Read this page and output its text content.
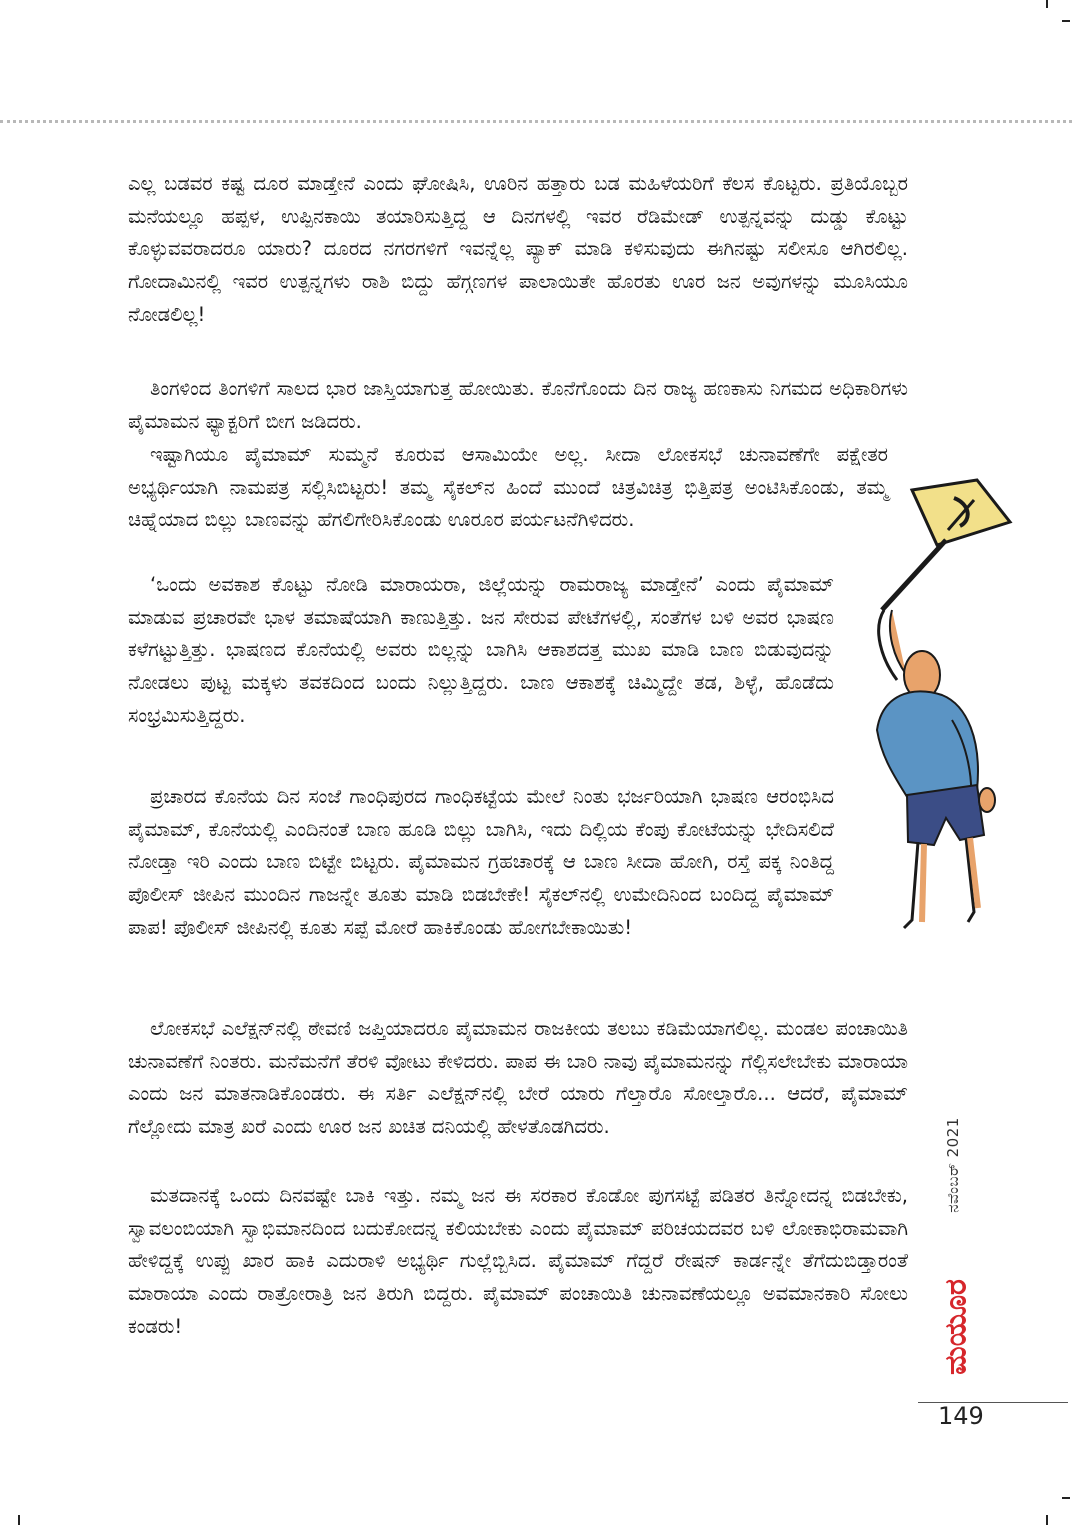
ಎಲ್ಲ ಬಡವರ ಕಷ್ಟ ದೂರ ಮಾಡ್ತೇನೆ ಎಂದು ಘೋಷಿಸಿ, ಊರಿನ ಹತ್ತಾರು ಬಡ ಮಹಿಳೆಯರಿಗೆ ಕೆಲಸ ಕೊಟ್ಟರು. ಪ್ರತಿಯೊಬ್ಬರ ಮನೆಯಲ್ಲೂ ಹಪ್ಪಳ, ಉಪ್ಪಿನಕಾಯಿ ತಯಾರಿಸುತ್ತಿದ್ದ ಆ ದಿನಗಳಲ್ಲಿ ಇವರ ರೆಡಿಮೇಡ್ ಉತ್ಪನ್ನವನ್ನು ದುಡ್ಡು ಕೊಟ್ಟು ಕೊಳ್ಳುವವರಾದರೂ ಯಾರು? ದೂರದ ನಗರಗಳಿಗೆ ಇವನ್ನೆಲ್ಲ ಪ್ಯಾಕ್ ಮಾಡಿ ಕಳಿಸುವುದು ಈಗಿನಷ್ಟು ಸಲೀಸೂ ಆಗಿರಲಿಲ್ಲ. ಗೋದಾಮಿನಲ್ಲಿ ಇವರ ಉತ್ಪನ್ನಗಳು ರಾಶಿ ಬಿದ್ದು ಹೆಗ್ಗಣಗಳ ಪಾಲಾಯಿತೇ ಹೊರತು ಊರ ಜನ ಅವುಗಳನ್ನು ಮೂಸಿಯೂ ನೋಡಲಿಲ್ಲ!

ತಿಂಗಳಿಂದ ತಿಂಗಳಿಗೆ ಸಾಲದ ಭಾರ ಜಾಸ್ತಿಯಾಗುತ್ತ ಹೋಯಿತು. ಕೊನೆಗೊಂದು ದಿನ ರಾಜ್ಯ ಹಣಕಾಸು ನಿಗಮದ ಅಧಿಕಾರಿಗಳು ಪೈಮಾಮನ ಫ್ಯಾಕ್ಟರಿಗೆ ಬೀಗ ಜಡಿದರು.

ಇಷ್ಟಾಗಿಯೂ ಪೈಮಾಮ್ ಸುಮ್ಮನೆ ಕೂರುವ ಆಸಾಮಿಯೇ ಅಲ್ಲ. ಸೀದಾ ಲೋಕಸಭೆ ಚುನಾವಣೆಗೇ ಪಕ್ಷೇತರ ಅಭ್ಯರ್ಥಿಯಾಗಿ ನಾಮಪತ್ರ ಸಲ್ಲಿಸಿಬಿಟ್ಟರು! ತಮ್ಮ ಸೈಕಲ್‌ನ ಹಿಂದೆ ಮುಂದೆ ಚಿತ್ರವಿಚಿತ್ರ ಭಿತ್ತಿಪತ್ರ ಅಂಟಿಸಿಕೊಂಡು, ತಮ್ಮ ಚಿಹ್ನೆಯಾದ ಬಿಲ್ಲು ಬಾಣವನ್ನು ಹೆಗಲಿಗೇರಿಸಿಕೊಂಡು ಊರೂರ ಪರ್ಯಟನೆಗಿಳಿದರು.

‘ಒಂದು ಅವಕಾಶ ಕೊಟ್ಟು ನೋಡಿ ಮಾರಾಯರಾ, ಜಿಲ್ಲೆಯನ್ನು ರಾಮರಾಜ್ಯ ಮಾಡ್ತೇನೆ’ ಎಂದು ಪೈಮಾಮ್ ಮಾಡುವ ಪ್ರಚಾರವೇ ಭಾಳ ತಮಾಷೆಯಾಗಿ ಕಾಣುತ್ತಿತ್ತು. ಜನ ಸೇರುವ ಪೇಟೆಗಳಲ್ಲಿ, ಸಂತೆಗಳ ಬಳಿ ಅವರ ಭಾಷಣ ಕಳೆಗಟ್ಟುತ್ತಿತ್ತು. ಭಾಷಣದ ಕೊನೆಯಲ್ಲಿ ಅವರು ಬಿಲ್ಲನ್ನು ಬಾಗಿಸಿ ಆಕಾಶದತ್ತ ಮುಖ ಮಾಡಿ ಬಾಣ ಬಿಡುವುದನ್ನು ನೋಡಲು ಪುಟ್ಟ ಮಕ್ಕಳು ತವಕದಿಂದ ಬಂದು ನಿಲ್ಲುತ್ತಿದ್ದರು. ಬಾಣ ಆಕಾಶಕ್ಕೆ ಚಿಮ್ಮಿದ್ದೇ ತಡ, ಶಿಳ್ಳೆ, ಹೊಡೆದು ಸಂಭ್ರಮಿಸುತ್ತಿದ್ದರು.

ಪ್ರಚಾರದ ಕೊನೆಯ ದಿನ ಸಂಜೆ ಗಾಂಧಿಪುರದ ಗಾಂಧಿಕಟ್ಟೆಯ ಮೇಲೆ ನಿಂತು ಭರ್ಜರಿಯಾಗಿ ಭಾಷಣ ಆರಂಭಿಸಿದ ಪೈಮಾಮ್, ಕೊನೆಯಲ್ಲಿ ಎಂದಿನಂತೆ ಬಾಣ ಹೂಡಿ ಬಿಲ್ಲು ಬಾಗಿಸಿ, ಇದು ದಿಲ್ಲಿಯ ಕೆಂಪು ಕೋಟೆಯನ್ನು ಭೇದಿಸಲಿದೆ ನೋಡ್ತಾ ಇರಿ ಎಂದು ಬಾಣ ಬಿಟ್ಟೇ ಬಿಟ್ಟರು. ಪೈಮಾಮನ ಗ್ರಹಚಾರಕ್ಕೆ ಆ ಬಾಣ ಸೀದಾ ಹೋಗಿ, ರಸ್ತೆ ಪಕ್ಕ ನಿಂತಿದ್ದ ಪೊಲೀಸ್ ಜೀಪಿನ ಮುಂದಿನ ಗಾಜನ್ನೇ ತೂತು ಮಾಡಿ ಬಿಡಬೇಕೇ! ಸೈಕಲ್‌ನಲ್ಲಿ ಉಮೇದಿನಿಂದ ಬಂದಿದ್ದ ಪೈಮಾಮ್ ಪಾಪ! ಪೊಲೀಸ್ ಜೀಪಿನಲ್ಲಿ ಕೂತು ಸಪ್ಪೆ ಮೋರೆ ಹಾಕಿಕೊಂಡು ಹೋಗಬೇಕಾಯಿತು!

ಲೋಕಸಭೆ ಎಲೆಕ್ಷನ್‌ನಲ್ಲಿ ಠೇವಣಿ ಜಪ್ತಿಯಾದರೂ ಪೈಮಾಮನ ರಾಜಕೀಯ ತಲಬು ಕಡಿಮೆಯಾಗಲಿಲ್ಲ. ಮಂಡಲ ಪಂಚಾಯಿತಿ ಚುನಾವಣೆಗೆ ನಿಂತರು. ಮನೆಮನೆಗೆ ತೆರಳಿ ವೋಟು ಕೇಳಿದರು. ಪಾಪ ಈ ಬಾರಿ ನಾವು ಪೈಮಾಮನನ್ನು ಗೆಲ್ಲಿಸಲೇಬೇಕು ಮಾರಾಯಾ ಎಂದು ಜನ ಮಾತನಾಡಿಕೊಂಡರು. ಈ ಸರ್ತಿ ಎಲೆಕ್ಷನ್‌ನಲ್ಲಿ ಬೇರೆ ಯಾರು ಗೆಲ್ತಾರೊ ಸೋಲ್ತಾರೊ... ಆದರೆ, ಪೈಮಾಮ್ ಗೆಲ್ಲೋದು ಮಾತ್ರ ಖರೆ ಎಂದು ಊರ ಜನ ಖಚಿತ ದನಿಯಲ್ಲಿ ಹೇಳತೊಡಗಿದರು.

ಮತದಾನಕ್ಕೆ ಒಂದು ದಿನವಷ್ಟೇ ಬಾಕಿ ಇತ್ತು. ನಮ್ಮ ಜನ ಈ ಸರಕಾರ ಕೊಡೋ ಪುಗಸಟ್ಟೆ ಪಡಿತರ ತಿನ್ನೋದನ್ನ ಬಿಡಬೇಕು, ಸ್ವಾವಲಂಬಿಯಾಗಿ ಸ್ವಾಭಿಮಾನದಿಂದ ಬದುಕೋದನ್ನ ಕಲಿಯಬೇಕು ಎಂದು ಪೈಮಾಮ್ ಪರಿಚಯದವರ ಬಳಿ ಲೋಕಾಭಿರಾಮವಾಗಿ ಹೇಳಿದ್ದಕ್ಕೆ ಉಪ್ಪು ಖಾರ ಹಾಕಿ ಎದುರಾಳಿ ಅಭ್ಯರ್ಥಿ ಗುಲ್ಲೆಬ್ಬಿಸಿದ. ಪೈಮಾಮ್ ಗೆದ್ದರೆ ರೇಷನ್ ಕಾರ್ಡನ್ನೇ ತೆಗೆದುಬಿಡ್ತಾರಂತೆ ಮಾರಾಯಾ ಎಂದು ರಾತ್ರೋರಾತ್ರಿ ಜನ ತಿರುಗಿ ಬಿದ್ದರು. ಪೈಮಾಮ್ ಪಂಚಾಯಿತಿ ಚುನಾವಣೆಯಲ್ಲೂ ಅವಮಾನಕಾರಿ ಸೋಲು ಕಂಡರು!

ನವೆಂಬರ್ 2021
ಮಯೂರ
149
